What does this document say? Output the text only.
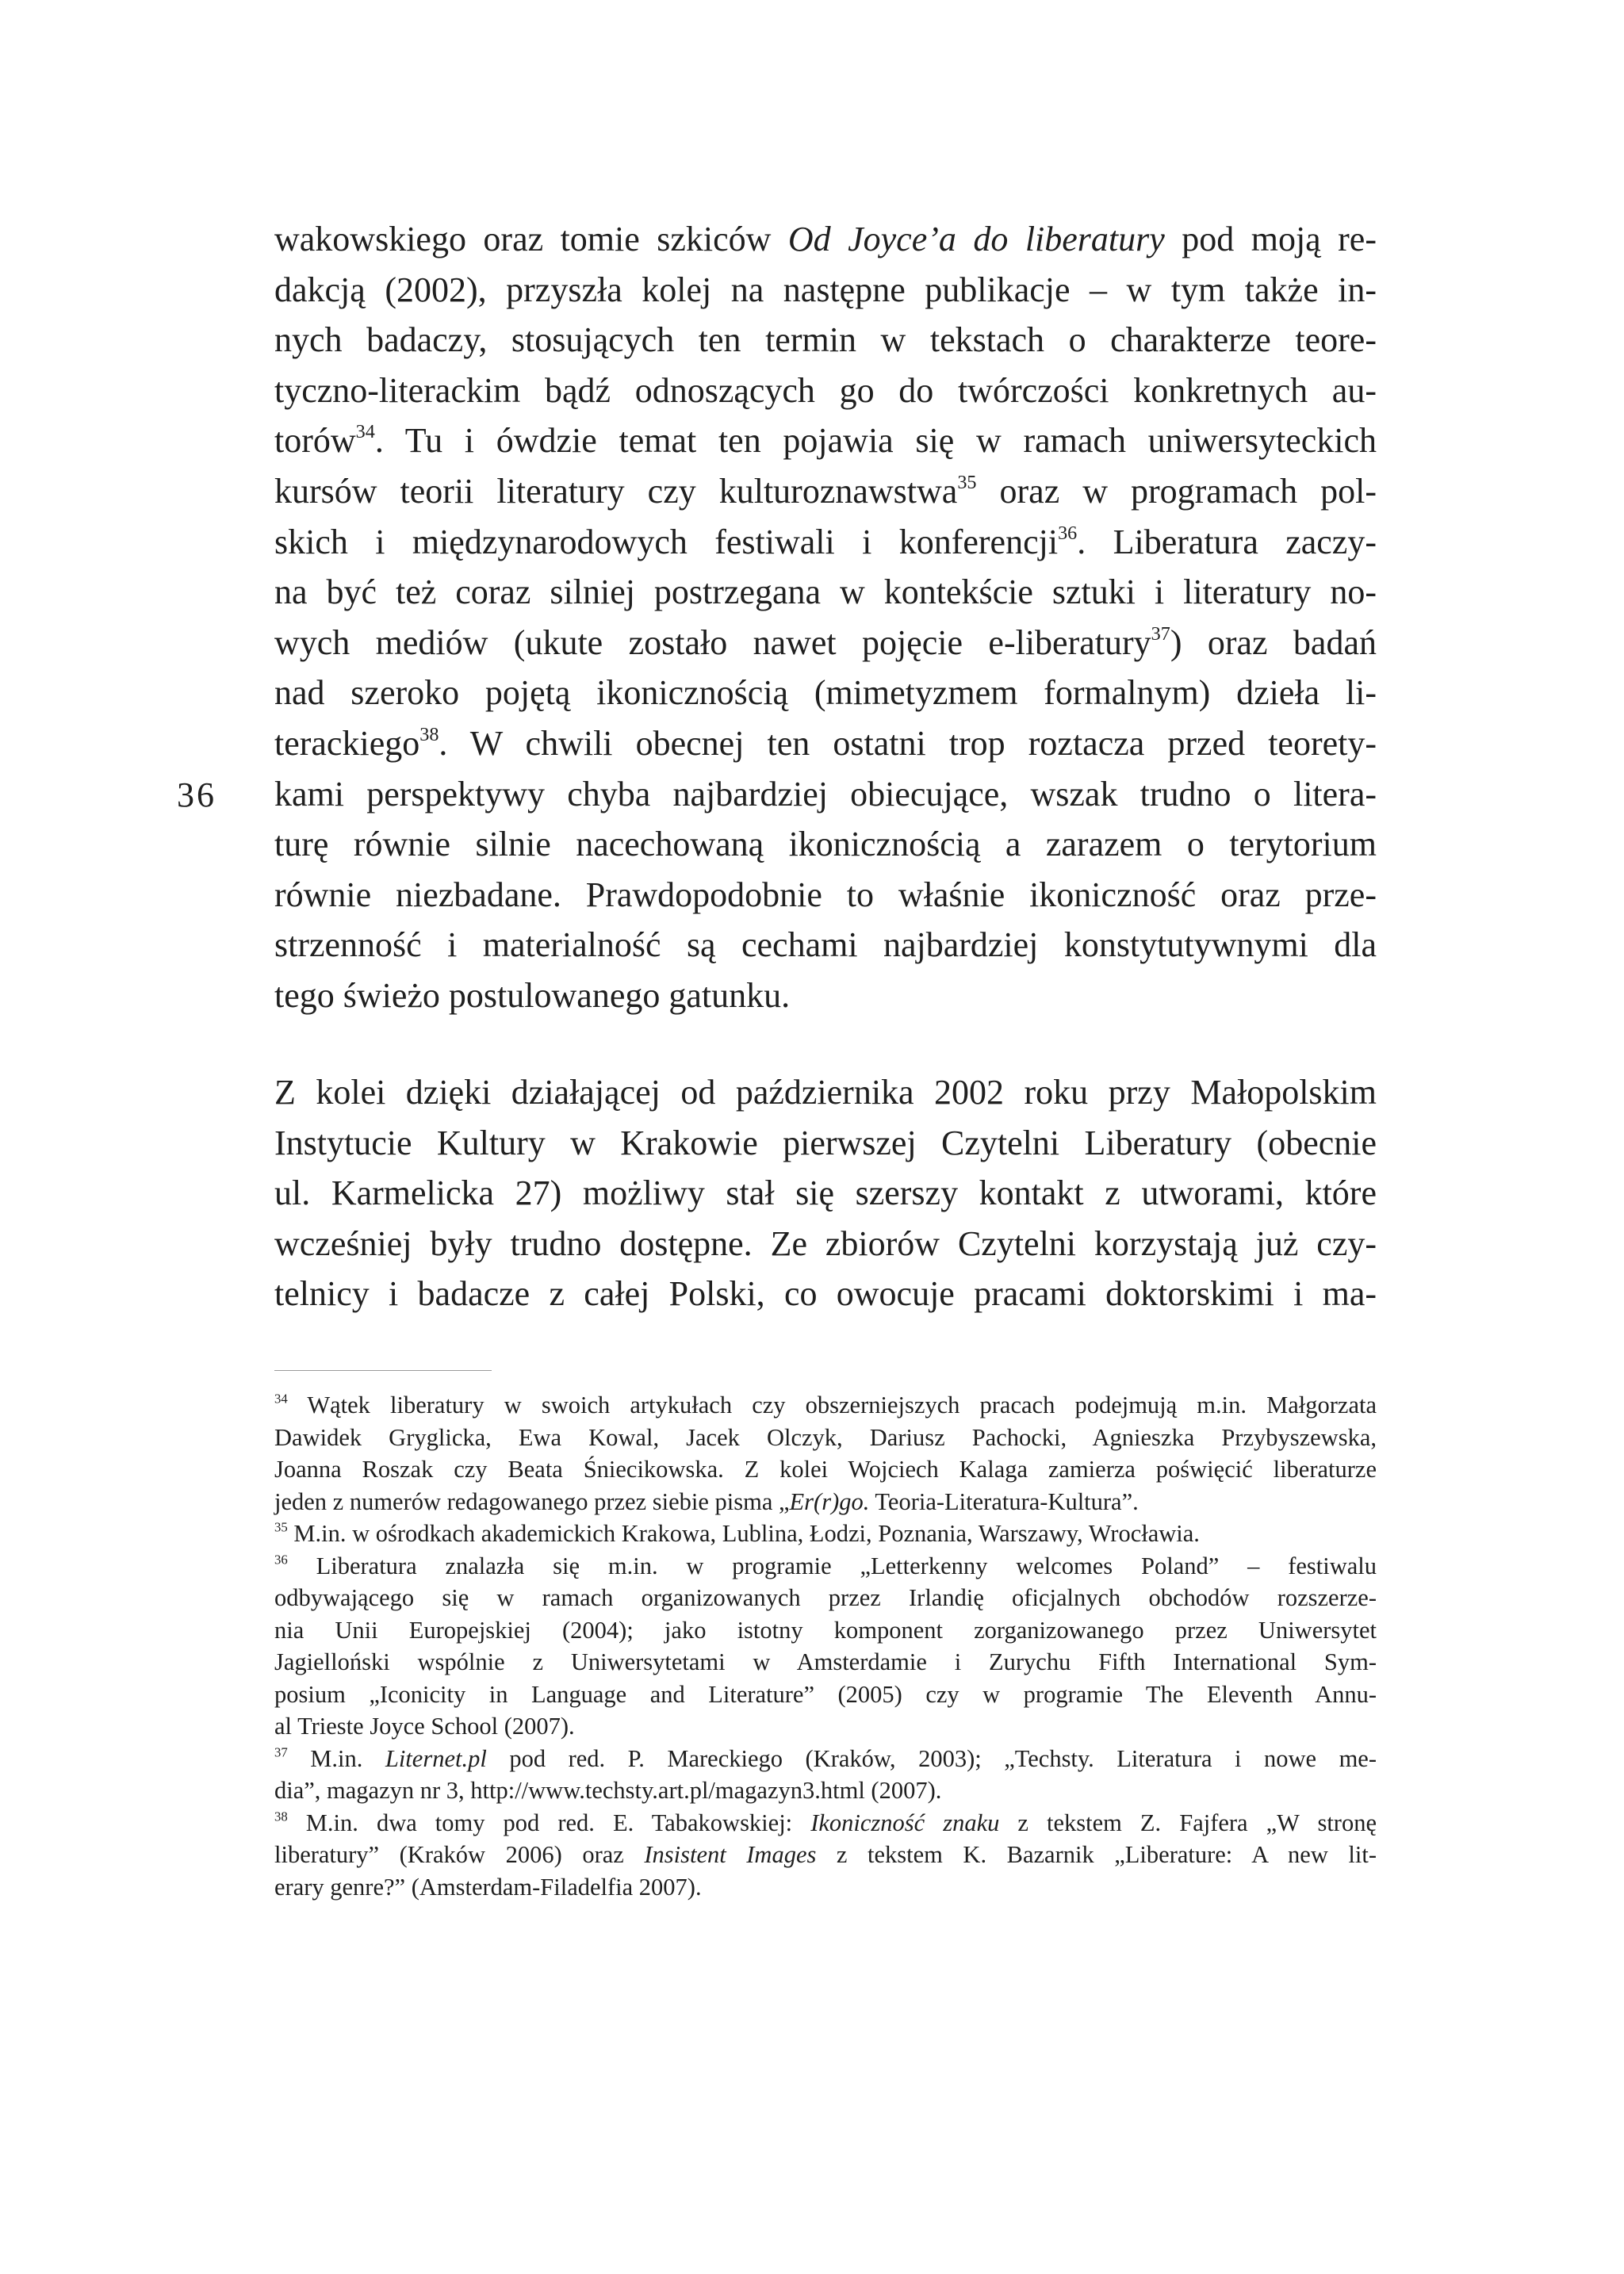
36
wakowskiego oraz tomie szkiców Od Joyce’a do liberatury pod moją re-
dakcją (2002), przyszła kolej na następne publikacje – w tym także in-
nych badaczy, stosujących ten termin w tekstach o charakterze teore-
tyczno-literackim bądź odnoszących go do twórczości konkretnych au-
torów$^{34}$. Tu i ówdzie temat ten pojawia się w ramach uniwersyteckich
kursów teorii literatury czy kulturoznawstwa$^{35}$ oraz w programach pol-
skich i międzynarodowych festiwali i konferencji$^{36}$. Liberatura zaczy-
na być też coraz silniej postrzegana w kontekście sztuki i literatury no-
wych mediów (ukute zostało nawet pojęcie e-liberatury$^{37}$) oraz badań
nad szeroko pojętą ikonicznością (mimetyzmem formalnym) dzieła li-
terackiego$^{38}$. W chwili obecnej ten ostatni trop roztacza przed teorety-
kami perspektywy chyba najbardziej obiecujące, wszak trudno o litera-
turę równie silnie nacechowaną ikonicznością a zarazem o terytorium
równie niezbadane. Prawdopodobnie to właśnie ikoniczność oraz prze-
strzenność i materialność są cechami najbardziej konstytutywnymi dla
tego świeżo postulowanego gatunku.
Z kolei dzięki działającej od października 2002 roku przy Małopolskim
Instytucie Kultury w Krakowie pierwszej Czytelni Liberatury (obecnie
ul. Karmelicka 27) możliwy stał się szerszy kontakt z utworami, które
wcześniej były trudno dostępne. Ze zbiorów Czytelni korzystają już czy-
telnicy i badacze z całej Polski, co owocuje pracami doktorskimi i ma-
$^{34}$ Wątek liberatury w swoich artykułach czy obszerniejszych pracach podejmują m.in. Małgorzata
Dawidek Gryglicka, Ewa Kowal, Jacek Olczyk, Dariusz Pachocki, Agnieszka Przybyszewska,
Joanna Roszak czy Beata Śniecikowska. Z kolei Wojciech Kalaga zamierza poświęcić liberaturze
jeden z numerów redagowanego przez siebie pisma „Er(r)go. Teoria-Literatura-Kultura”.
$^{35}$ M.in. w ośrodkach akademickich Krakowa, Lublina, Łodzi, Poznania, Warszawy, Wrocławia.
$^{36}$ Liberatura znalazła się m.in. w programie „Letterkenny welcomes Poland” – festiwalu
odbywającego się w ramach organizowanych przez Irlandię oficjalnych obchodów rozszerze-
nia Unii Europejskiej (2004); jako istotny komponent zorganizowanego przez Uniwersytet
Jagielloński wspólnie z Uniwersytetami w Amsterdamie i Zurychu Fifth International Sym-
posium „Iconicity in Language and Literature” (2005) czy w programie The Eleventh Annu-
al Trieste Joyce School (2007).
$^{37}$ M.in. Liternet.pl pod red. P. Mareckiego (Kraków, 2003); „Techsty. Literatura i nowe me-
dia”, magazyn nr 3, http://www.techsty.art.pl/magazyn3.html (2007).
$^{38}$ M.in. dwa tomy pod red. E. Tabakowskiej: Ikoniczność znaku z tekstem Z. Fajfera „W stronę
liberatury” (Kraków 2006) oraz Insistent Images z tekstem K. Bazarnik „Liberature: A new lit-
erary genre?” (Amsterdam-Filadelfia 2007).
